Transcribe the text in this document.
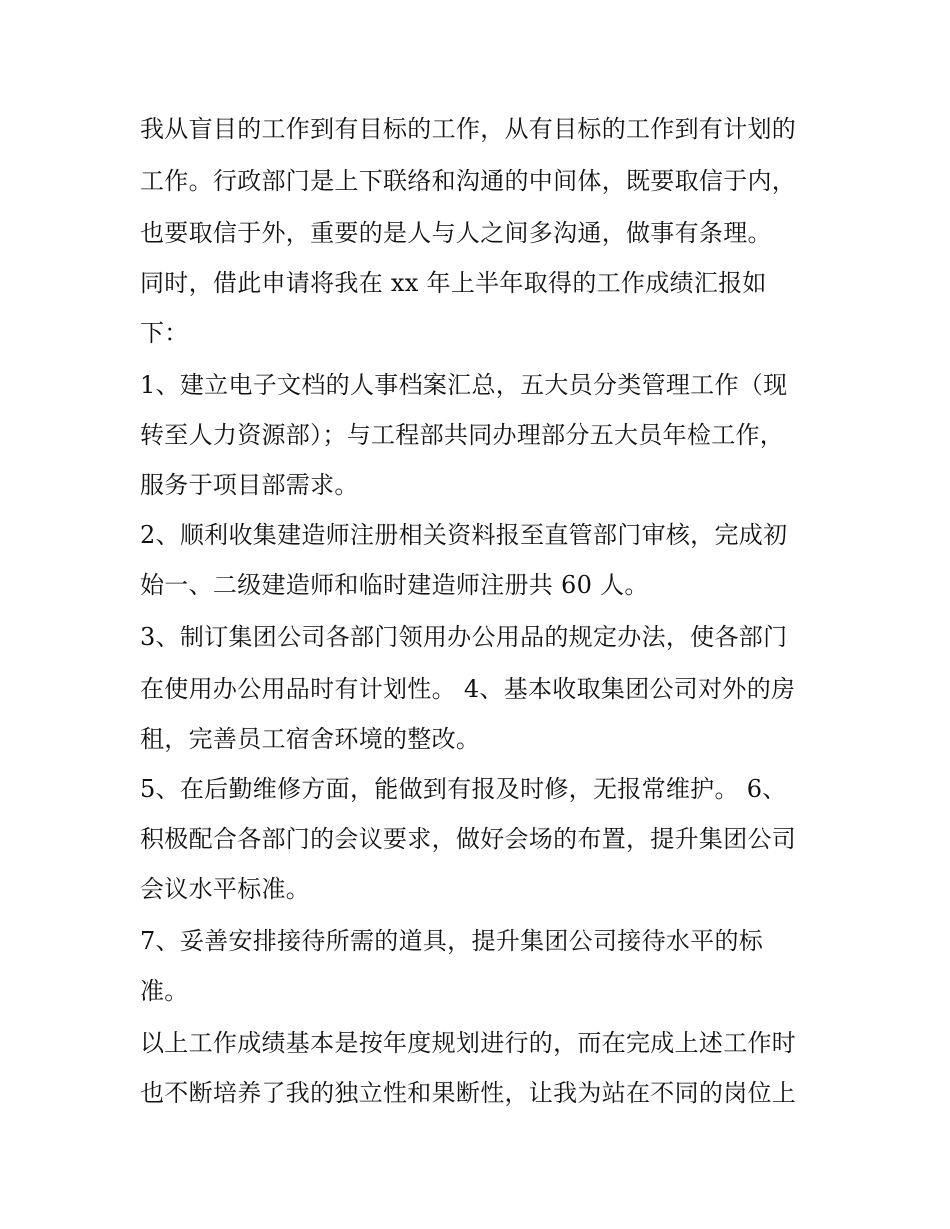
我从盲目的工作到有目标的工作，从有目标的工作到有计划的
工作。行政部门是上下联络和沟通的中间体，既要取信于内，
也要取信于外，重要的是人与人之间多沟通，做事有条理。
同时，借此申请将我在 xx 年上半年取得的工作成绩汇报如
下：
1、建立电子文档的人事档案汇总，五大员分类管理工作（现
转至人力资源部）；与工程部共同办理部分五大员年检工作，
服务于项目部需求。
2、顺利收集建造师注册相关资料报至直管部门审核，完成初
始一、二级建造师和临时建造师注册共 60 人。
3、制订集团公司各部门领用办公用品的规定办法，使各部门
在使用办公用品时有计划性。 4、基本收取集团公司对外的房
租，完善员工宿舍环境的整改。
5、在后勤维修方面，能做到有报及时修，无报常维护。 6、
积极配合各部门的会议要求，做好会场的布置，提升集团公司
会议水平标准。
7、妥善安排接待所需的道具，提升集团公司接待水平的标
准。
以上工作成绩基本是按年度规划进行的，而在完成上述工作时
也不断培养了我的独立性和果断性，让我为站在不同的岗位上
